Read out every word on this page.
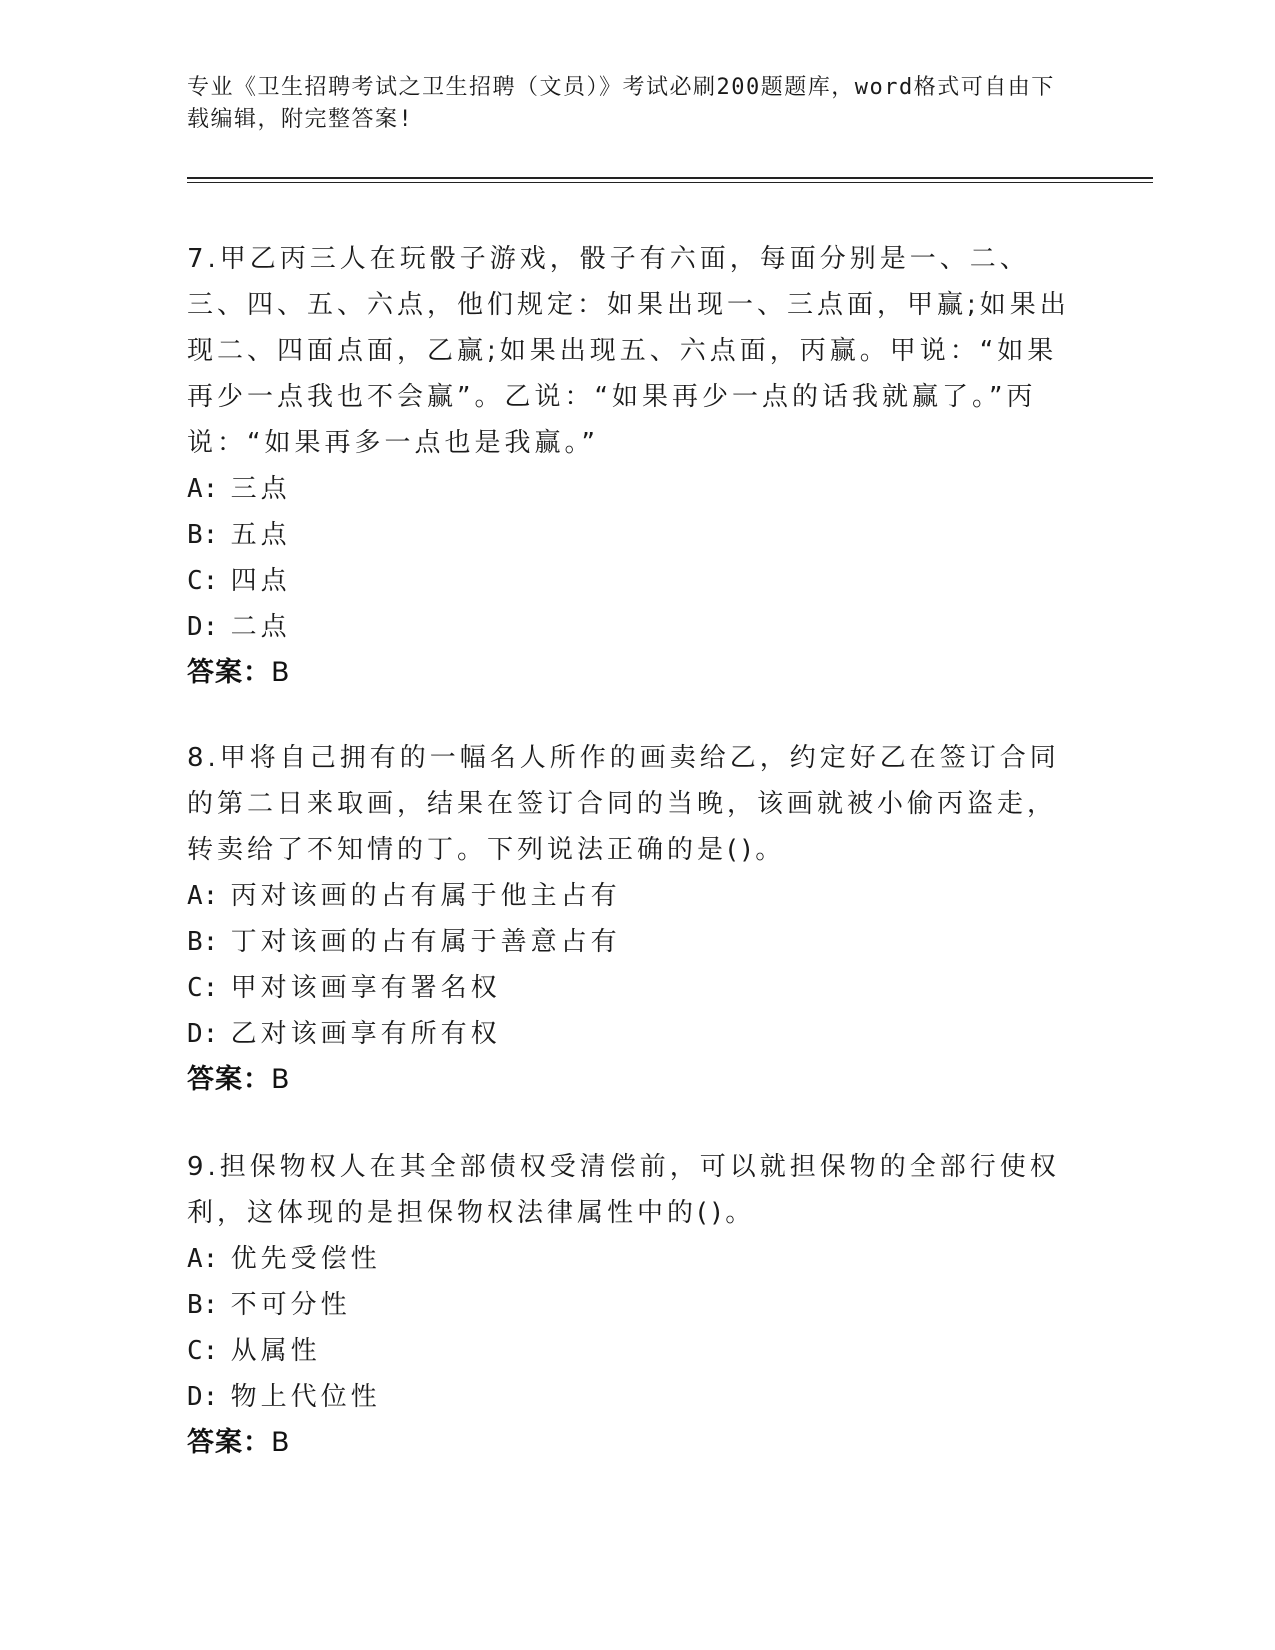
专业《卫生招聘考试之卫生招聘（文员）》考试必刷200题题库，word格式可自由下载编辑，附完整答案!

7.甲乙丙三人在玩骰子游戏，骰子有六面，每面分别是一、二、三、四、五、六点，他们规定：如果出现一、三点面，甲赢;如果出现二、四面点面，乙赢;如果出现五、六点面，丙赢。甲说：“如果再少一点我也不会赢”。乙说：“如果再少一点的话我就赢了。”丙说：“如果再多一点也是我赢。”

A: 三点

B: 五点

C: 四点

D: 二点

答案：B

8.甲将自己拥有的一幅名人所作的画卖给乙，约定好乙在签订合同的第二日来取画，结果在签订合同的当晚，该画就被小偷丙盗走，转卖给了不知情的丁。下列说法正确的是()。

A: 丙对该画的占有属于他主占有

B: 丁对该画的占有属于善意占有

C: 甲对该画享有署名权

D: 乙对该画享有所有权

答案：B

9.担保物权人在其全部债权受清偿前，可以就担保物的全部行使权利，这体现的是担保物权法律属性中的()。

A: 优先受偿性

B: 不可分性

C: 从属性

D: 物上代位性

答案：B
